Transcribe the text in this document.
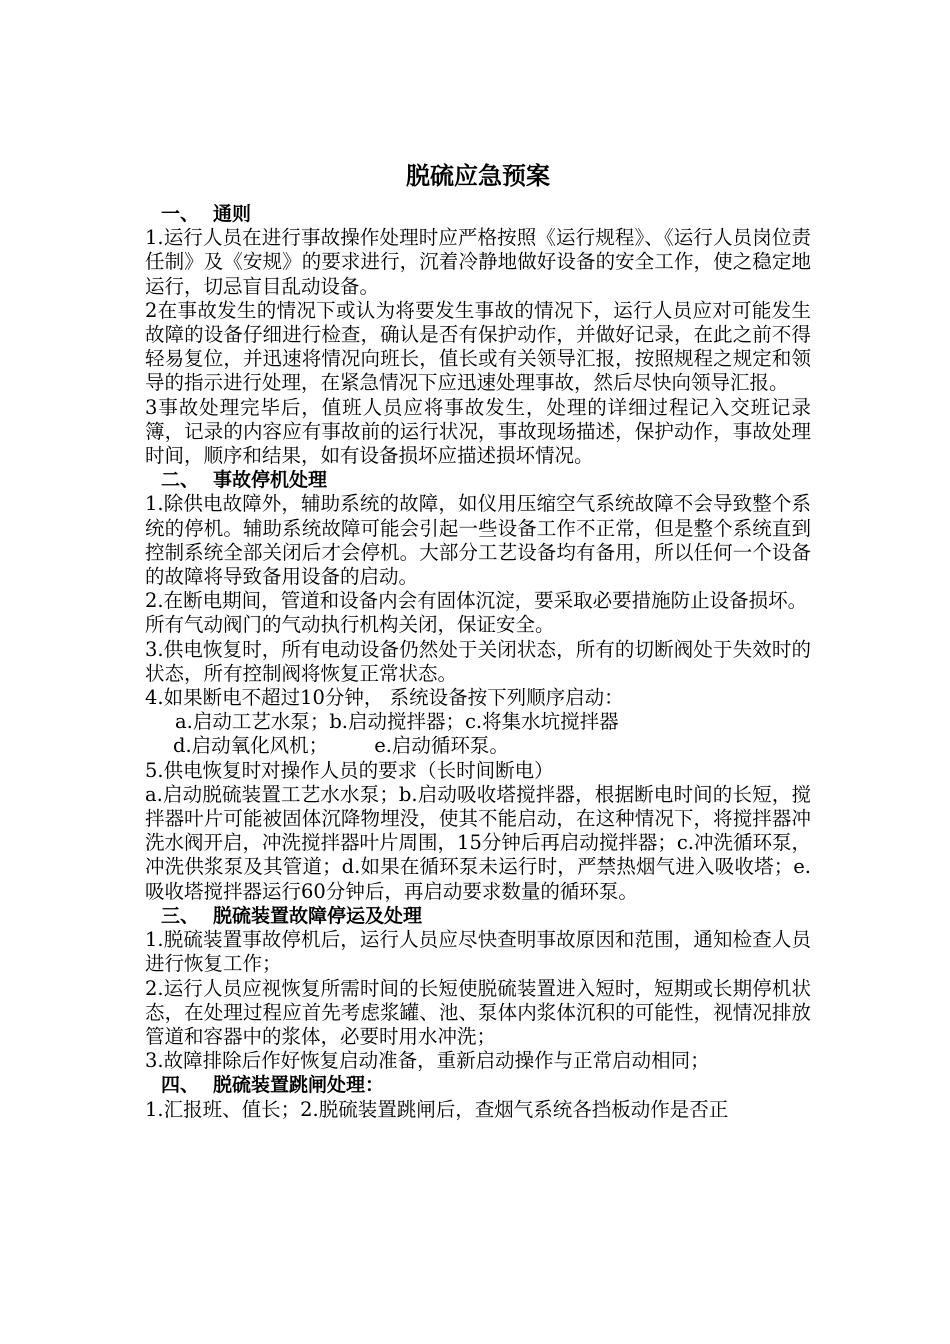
脱硫应急预案
一、 通则

1.运行人员在进行事故操作处理时应严格按照《运行规程》、《运行人员岗位责任制》及《安规》的要求进行，沉着冷静地做好设备的安全工作，使之稳定地运行，切忌盲目乱动设备。

2在事故发生的情况下或认为将要发生事故的情况下，运行人员应对可能发生故障的设备仔细进行检查，确认是否有保护动作，并做好记录，在此之前不得轻易复位，并迅速将情况向班长，值长或有关领导汇报，按照规程之规定和领导的指示进行处理，在紧急情况下应迅速处理事故，然后尽快向领导汇报。

3事故处理完毕后，值班人员应将事故发生，处理的详细过程记入交班记录簿，记录的内容应有事故前的运行状况，事故现场描述，保护动作，事故处理时间，顺序和结果，如有设备损坏应描述损坏情况。

二、 事故停机处理

1.除供电故障外，辅助系统的故障，如仪用压缩空气系统故障不会导致整个系统的停机。辅助系统故障可能会引起一些设备工作不正常，但是整个系统直到控制系统全部关闭后才会停机。大部分工艺设备均有备用，所以任何一个设备的故障将导致备用设备的启动。

2.在断电期间，管道和设备内会有固体沉淀，要采取必要措施防止设备损坏。

所有气动阀门的气动执行机构关闭，保证安全。

3.供电恢复时，所有电动设备仍然处于关闭状态，所有的切断阀处于失效时的状态，所有控制阀将恢复正常状态。

4.如果断电不超过10分钟， 系统设备按下列顺序启动：

a.启动工艺水泵；b.启动搅拌器；c.将集水坑搅拌器

d.启动氧化风机； e.启动循环泵。

5.供电恢复时对操作人员的要求（长时间断电）

a.启动脱硫装置工艺水水泵；b.启动吸收塔搅拌器，根据断电时间的长短，搅拌器叶片可能被固体沉降物埋没，使其不能启动，在这种情况下，将搅拌器冲洗水阀开启，冲洗搅拌器叶片周围，15分钟后再启动搅拌器；c.冲洗循环泵，冲洗供浆泵及其管道；d.如果在循环泵未运行时，严禁热烟气进入吸收塔；e.吸收塔搅拌器运行60分钟后，再启动要求数量的循环泵。

三、 脱硫装置故障停运及处理

1.脱硫装置事故停机后，运行人员应尽快查明事故原因和范围，通知检查人员进行恢复工作；

2.运行人员应视恢复所需时间的长短使脱硫装置进入短时，短期或长期停机状态，在处理过程应首先考虑浆罐、池、泵体内浆体沉积的可能性，视情况排放管道和容器中的浆体，必要时用水冲洗；

3.故障排除后作好恢复启动准备，重新启动操作与正常启动相同；

四、 脱硫装置跳闸处理：

1.汇报班、值长；2.脱硫装置跳闸后，查烟气系统各挡板动作是否正
